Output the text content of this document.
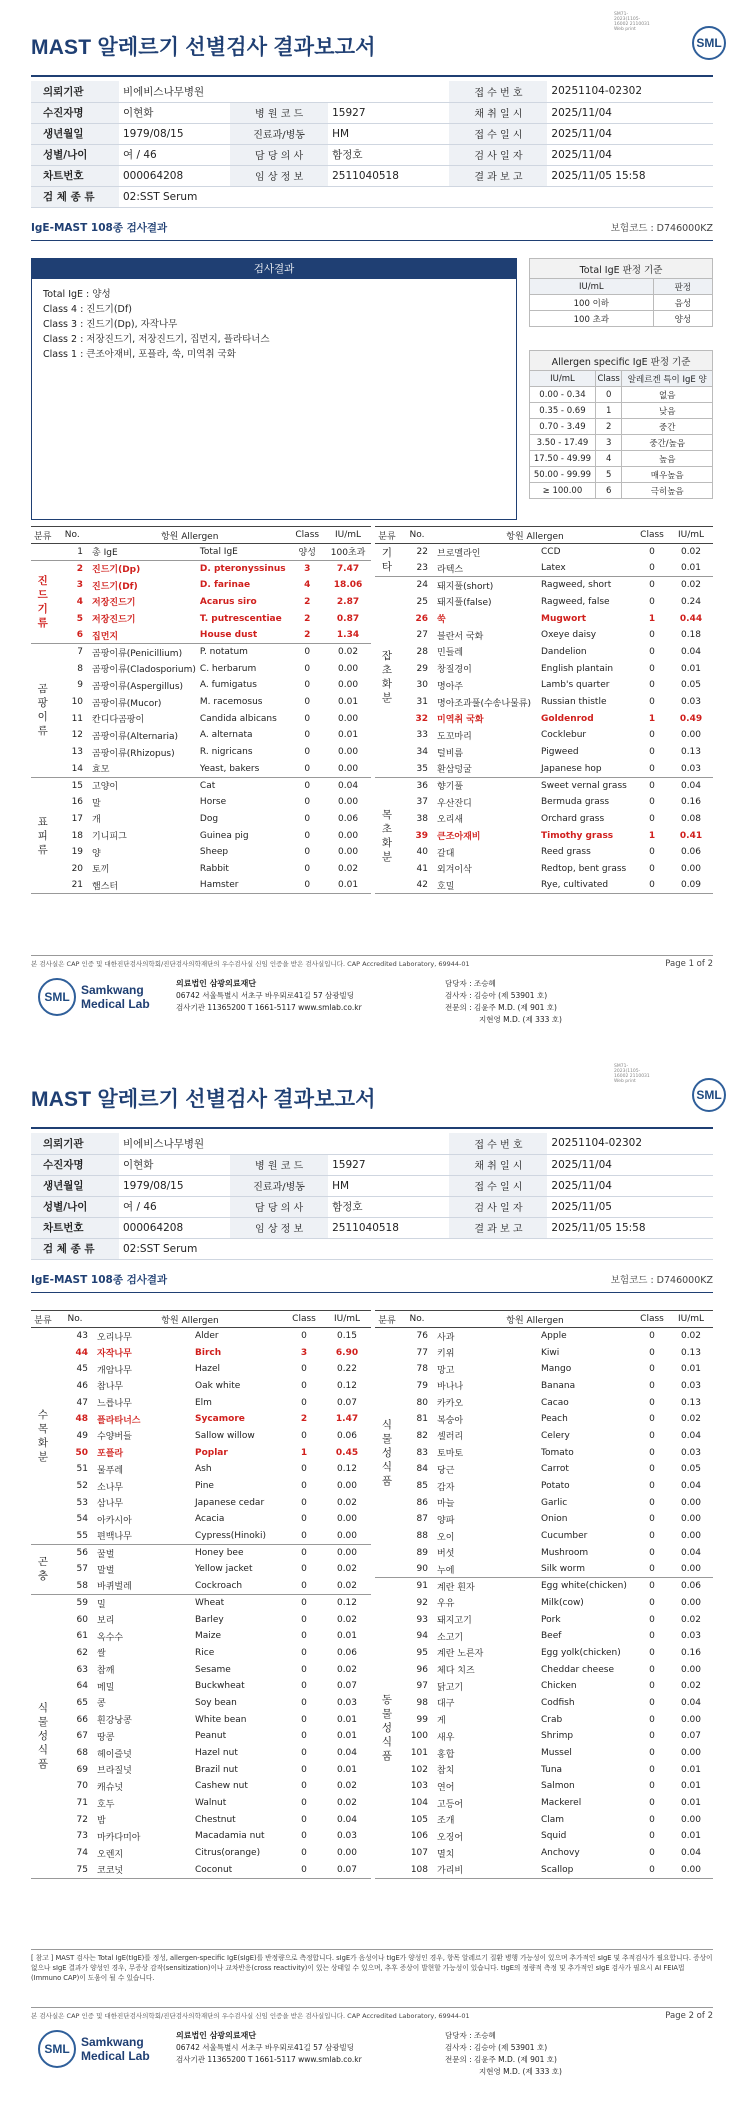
SM71-2023(1105-16002 2110031 Web print
MAST 알레르기 선별검사 결과보고서	SML
의뢰기관	비에비스나무병원			접 수 번 호	20251104-02302
수진자명	이현화	병 원 코 드	15927	채 취 일 시	2025/11/04
생년월일	1979/08/15	진료과/병동	HM	접 수 일 시	2025/11/04
성별/나이	여 / 46	담 당 의 사	함정호	검 사 일 자	2025/11/04
차트번호	000064208	임 상 정 보	2511040518	결 과 보 고	2025/11/05 15:58
검 체 종 류	02:SST Serum				
IgE-MAST 108종 검사결과	보험코드 : D746000KZ
검사결과
Total IgE : 양성
Class 4 : 진드기(Df)
Class 3 : 진드기(Dp), 자작나무
Class 2 : 저장진드기, 저장진드기, 집먼지, 플라타너스
Class 1 : 큰조아재비, 포플라, 쑥, 미역취 국화
Total IgE 판정 기준	
IU/mL	판정
100 이하	음성
100 초과	양성
Allergen specific IgE 판정 기준		
IU/mL	Class	알레르겐 특이 IgE 양
0.00 - 0.34	0	없음
0.35 - 0.69	1	낮음
0.70 - 3.49	2	중간
3.50 - 17.49	3	중간/높음
17.50 - 49.99	4	높음
50.00 - 99.99	5	매우높음
≥ 100.00	6	극히높음
분류	No.	항원 Allergen		Class	IU/mL
	1	총 IgE	Total IgE	양성	100초과
진
드
기
류	2	진드기(Dp)	D. pteronyssinus	3	7.47
	3	진드기(Df)	D. farinae	4	18.06
	4	저장진드기	Acarus siro	2	2.87
	5	저장진드기	T. putrescentiae	2	0.87
	6	집먼지	House dust	2	1.34
곰
팡
이
류	7	곰팡이류(Penicillium)	P. notatum	0	0.02
	8	곰팡이류(Cladosporium)	C. herbarum	0	0.00
	9	곰팡이류(Aspergillus)	A. fumigatus	0	0.00
	10	곰팡이류(Mucor)	M. racemosus	0	0.01
	11	칸디다곰팡이	Candida albicans	0	0.00
	12	곰팡이류(Alternaria)	A. alternata	0	0.01
	13	곰팡이류(Rhizopus)	R. nigricans	0	0.00
	14	효모	Yeast, bakers	0	0.00
표
피
류	15	고양이	Cat	0	0.04
	16	말	Horse	0	0.00
	17	개	Dog	0	0.06
	18	기니피그	Guinea pig	0	0.00
	19	양	Sheep	0	0.00
	20	토끼	Rabbit	0	0.02
	21	햄스터	Hamster	0	0.01
분류	No.	항원 Allergen		Class	IU/mL
기
타	22	브로멜라인	CCD	0	0.02
	23	라텍스	Latex	0	0.01
잡
초
화
분	24	돼지풀(short)	Ragweed, short	0	0.02
	25	돼지풀(false)	Ragweed, false	0	0.24
	26	쑥	Mugwort	1	0.44
	27	블란서 국화	Oxeye daisy	0	0.18
	28	민들레	Dandelion	0	0.04
	29	창질경이	English plantain	0	0.01
	30	명아주	Lamb's quarter	0	0.05
	31	명아조과풀(수송나물류)	Russian thistle	0	0.03
	32	미역취 국화	Goldenrod	1	0.49
	33	도꼬마리	Cocklebur	0	0.00
	34	털비름	Pigweed	0	0.13
	35	환삼덩굴	Japanese hop	0	0.03
목
초
화
분	36	향기풀	Sweet vernal grass	0	0.04
	37	우산잔디	Bermuda grass	0	0.16
	38	오리새	Orchard grass	0	0.08
	39	큰조아재비	Timothy grass	1	0.41
	40	갈대	Reed grass	0	0.06
	41	외겨이삭	Redtop, bent grass	0	0.00
	42	호밀	Rye, cultivated	0	0.09
본 검사실은 CAP 인증 및 대한진단검사의학회/진단검사의학재단의 우수검사실 신임 인증을 받은 검사실입니다. CAP Accredited Laboratory, 69944-01	Page 1 of 2
SML Samkwang
Medical Lab
의료법인 삼광의료재단
06742 서울특별시 서초구 바우뫼로41길 57 삼광빌딩
검사기관 11365200 T 1661-5117 www.smlab.co.kr
담당자 : 조승혜
검사자 : 김승아 (제 53901 호)
전문의 : 김윤주 M.D. (제 901 호)
지현영 M.D. (제 333 호)
SM71-2023(1105-16002 2110031 Web print
MAST 알레르기 선별검사 결과보고서	SML
의뢰기관	비에비스나무병원			접 수 번 호	20251104-02302
수진자명	이현화	병 원 코 드	15927	채 취 일 시	2025/11/04
생년월일	1979/08/15	진료과/병동	HM	접 수 일 시	2025/11/04
성별/나이	여 / 46	담 당 의 사	함정호	검 사 일 자	2025/11/05
차트번호	000064208	임 상 정 보	2511040518	결 과 보 고	2025/11/05 15:58
검 체 종 류	02:SST Serum				
IgE-MAST 108종 검사결과	보험코드 : D746000KZ
분류	No.	항원 Allergen		Class	IU/mL
수
목
화
분	43	오리나무	Alder	0	0.15
	44	자작나무	Birch	3	6.90
	45	개암나무	Hazel	0	0.22
	46	참나무	Oak white	0	0.12
	47	느릅나무	Elm	0	0.07
	48	플라타너스	Sycamore	2	1.47
	49	수양버들	Sallow willow	0	0.06
	50	포플라	Poplar	1	0.45
	51	물푸레	Ash	0	0.12
	52	소나무	Pine	0	0.00
	53	삼나무	Japanese cedar	0	0.02
	54	아카시아	Acacia	0	0.00
	55	편백나무	Cypress(Hinoki)	0	0.00
곤
충	56	꿀벌	Honey bee	0	0.00
	57	말벌	Yellow jacket	0	0.02
	58	바퀴벌레	Cockroach	0	0.02
식
물
성
식
품	59	밀	Wheat	0	0.12
	60	보리	Barley	0	0.02
	61	옥수수	Maize	0	0.01
	62	쌀	Rice	0	0.06
	63	참깨	Sesame	0	0.02
	64	메밀	Buckwheat	0	0.07
	65	콩	Soy bean	0	0.03
	66	흰강낭콩	White bean	0	0.01
	67	땅콩	Peanut	0	0.01
	68	헤이즐넛	Hazel nut	0	0.04
	69	브라질넛	Brazil nut	0	0.01
	70	캐슈넛	Cashew nut	0	0.02
	71	호두	Walnut	0	0.02
	72	밤	Chestnut	0	0.04
	73	마카다미아	Macadamia nut	0	0.03
	74	오렌지	Citrus(orange)	0	0.00
	75	코코넛	Coconut	0	0.07
분류	No.	항원 Allergen		Class	IU/mL
식
물
성
식
품	76	사과	Apple	0	0.02
	77	키위	Kiwi	0	0.13
	78	망고	Mango	0	0.01
	79	바나나	Banana	0	0.03
	80	카카오	Cacao	0	0.13
	81	복숭아	Peach	0	0.02
	82	셀러리	Celery	0	0.04
	83	토마토	Tomato	0	0.03
	84	당근	Carrot	0	0.05
	85	감자	Potato	0	0.04
	86	마늘	Garlic	0	0.00
	87	양파	Onion	0	0.00
	88	오이	Cucumber	0	0.00
	89	버섯	Mushroom	0	0.04
	90	누에	Silk worm	0	0.00
동
물
성
식
품	91	계란 흰자	Egg white(chicken)	0	0.06
	92	우유	Milk(cow)	0	0.00
	93	돼지고기	Pork	0	0.02
	94	소고기	Beef	0	0.03
	95	계란 노른자	Egg yolk(chicken)	0	0.16
	96	체다 치즈	Cheddar cheese	0	0.00
	97	닭고기	Chicken	0	0.02
	98	대구	Codfish	0	0.04
	99	게	Crab	0	0.00
	100	새우	Shrimp	0	0.07
	101	홍합	Mussel	0	0.00
	102	참치	Tuna	0	0.01
	103	연어	Salmon	0	0.01
	104	고등어	Mackerel	0	0.01
	105	조개	Clam	0	0.00
	106	오징어	Squid	0	0.01
	107	멸치	Anchovy	0	0.04
	108	가리비	Scallop	0	0.00
[ 참고 ] MAST 검사는 Total IgE(tIgE)를 정성, allergen-specific IgE(sIgE)를 반정량으로 측정합니다. sIgE가 음성이나 tIgE가 양성인 경우, 항목 알레르기 질환 병행 가능성이 있으며 추가적인 sIgE 및 추적검사가 필요합니다. 증상이 없으나 sIgE 결과가 양성인 경우, 무증상 감작(sensitization)이나 교차반응(cross reactivity)이 있는 상태일 수 있으며, 추후 증상이 발현할 가능성이 있습니다. tIgE의 정량적 측정 및 추가적인 sIgE 검사가 필요시 AI FEIA법(Immuno CAP)이 도움이 될 수 있습니다.
본 검사실은 CAP 인증 및 대한진단검사의학회/진단검사의학재단의 우수검사실 신임 인증을 받은 검사실입니다. CAP Accredited Laboratory, 69944-01	Page 2 of 2
SML Samkwang
Medical Lab
의료법인 삼광의료재단
06742 서울특별시 서초구 바우뫼로41길 57 삼광빌딩
검사기관 11365200 T 1661-5117 www.smlab.co.kr
담당자 : 조승혜
검사자 : 김승아 (제 53901 호)
전문의 : 김윤주 M.D. (제 901 호)
지현영 M.D. (제 333 호)
